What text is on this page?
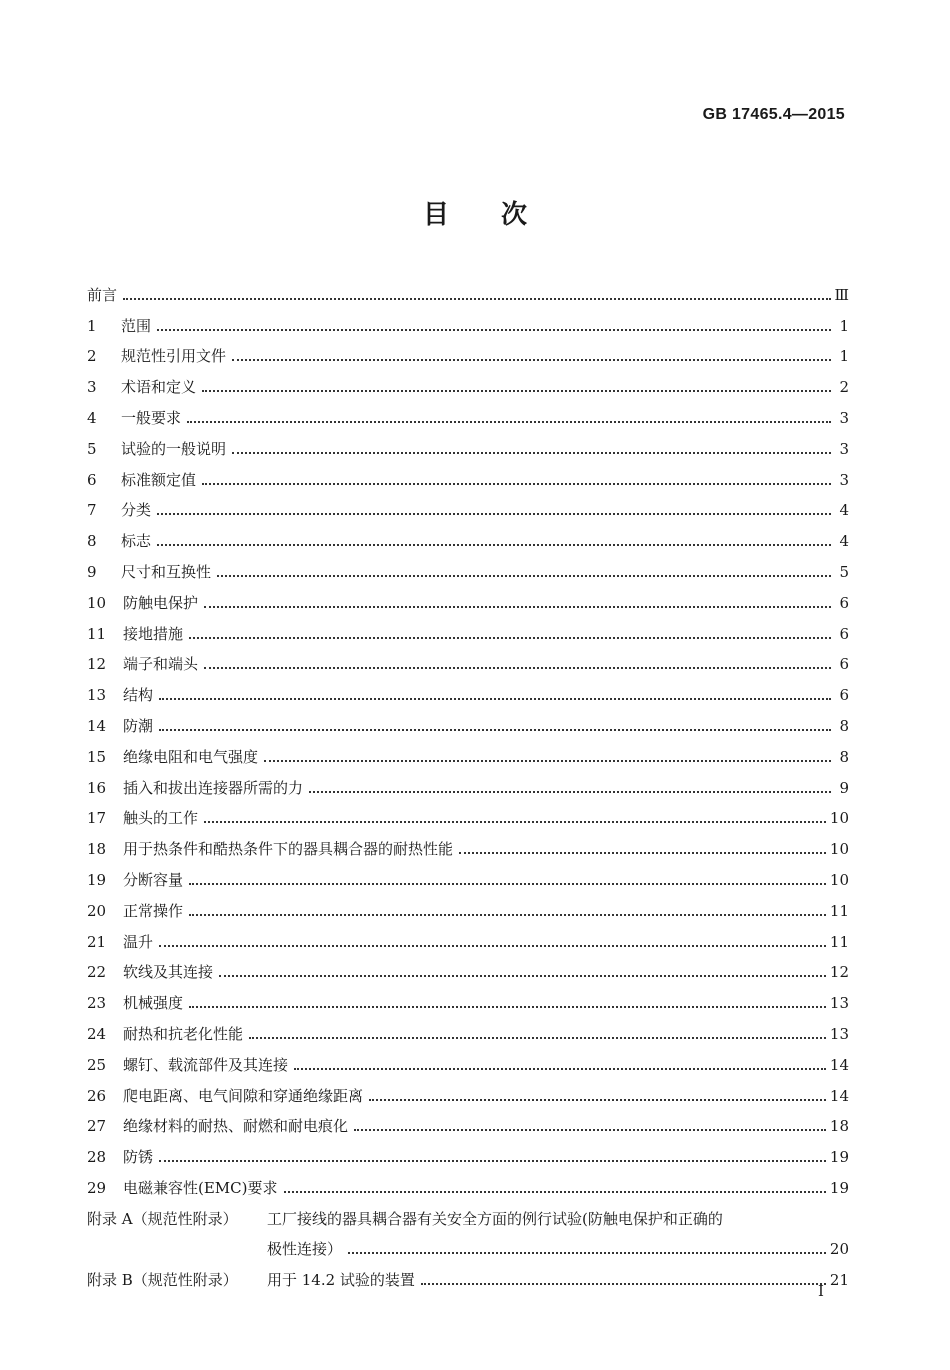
GB 17465.4—2015
目　　次
前言	Ⅲ
1	范围	1
2	规范性引用文件	1
3	术语和定义	2
4	一般要求	3
5	试验的一般说明	3
6	标准额定值	3
7	分类	4
8	标志	4
9	尺寸和互换性	5
10	防触电保护	6
11	接地措施	6
12	端子和端头	6
13	结构	6
14	防潮	8
15	绝缘电阻和电气强度	8
16	插入和拔出连接器所需的力	9
17	触头的工作	10
18	用于热条件和酷热条件下的器具耦合器的耐热性能	10
19	分断容量	10
20	正常操作	11
21	温升	11
22	软线及其连接	12
23	机械强度	13
24	耐热和抗老化性能	13
25	螺钉、载流部件及其连接	14
26	爬电距离、电气间隙和穿通绝缘距离	14
27	绝缘材料的耐热、耐燃和耐电痕化	18
28	防锈	19
29	电磁兼容性(EMC)要求	19
附录 A（规范性附录）	工厂接线的器具耦合器有关安全方面的例行试验(防触电保护和正确的
极性连接）	20
附录 B（规范性附录）	用于 14.2 试验的装置	21
I
